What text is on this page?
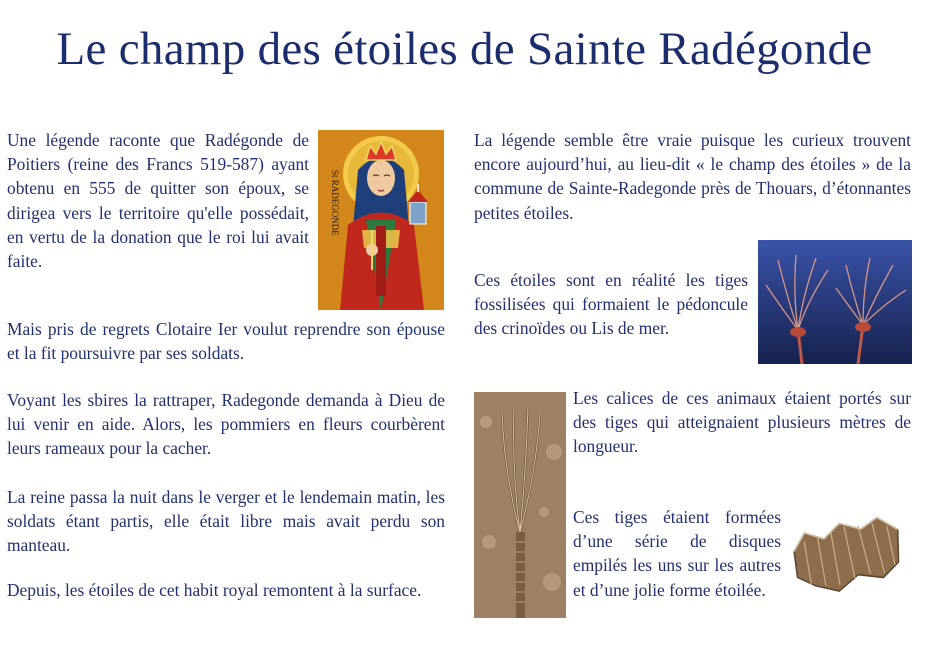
Le champ des étoiles de Sainte Radégonde
Une légende raconte que Radégonde de Poitiers (reine des Francs 519-587) ayant obtenu en 555 de quitter son époux, se dirigea vers le territoire qu'elle possédait, en vertu de la donation que le roi lui avait faite.
St RADEGONDE
Mais pris de regrets Clotaire Ier voulut reprendre son épouse et la fit poursuivre par ses soldats.
Voyant les sbires la rattraper, Radegonde demanda à Dieu de lui venir en aide. Alors, les pommiers en fleurs courbèrent leurs rameaux pour la cacher.
La reine passa la nuit dans le verger et le lendemain matin, les soldats étant partis, elle était libre mais avait perdu son manteau.
Depuis, les étoiles de cet habit royal remontent à la surface.
La légende semble être vraie puisque les curieux trouvent encore aujourd’hui, au lieu-dit « le champ des étoiles » de la commune de Sainte-Radegonde près de Thouars, d’étonnantes petites étoiles.
Ces étoiles sont en réalité les tiges fossilisées qui formaient le pédoncule des crinoïdes ou Lis de mer.
Les calices de ces animaux étaient portés sur des tiges qui atteignaient plusieurs mètres de longueur.
Ces tiges étaient formées d’une série de disques empilés les uns sur les autres et d’une jolie forme étoilée.
